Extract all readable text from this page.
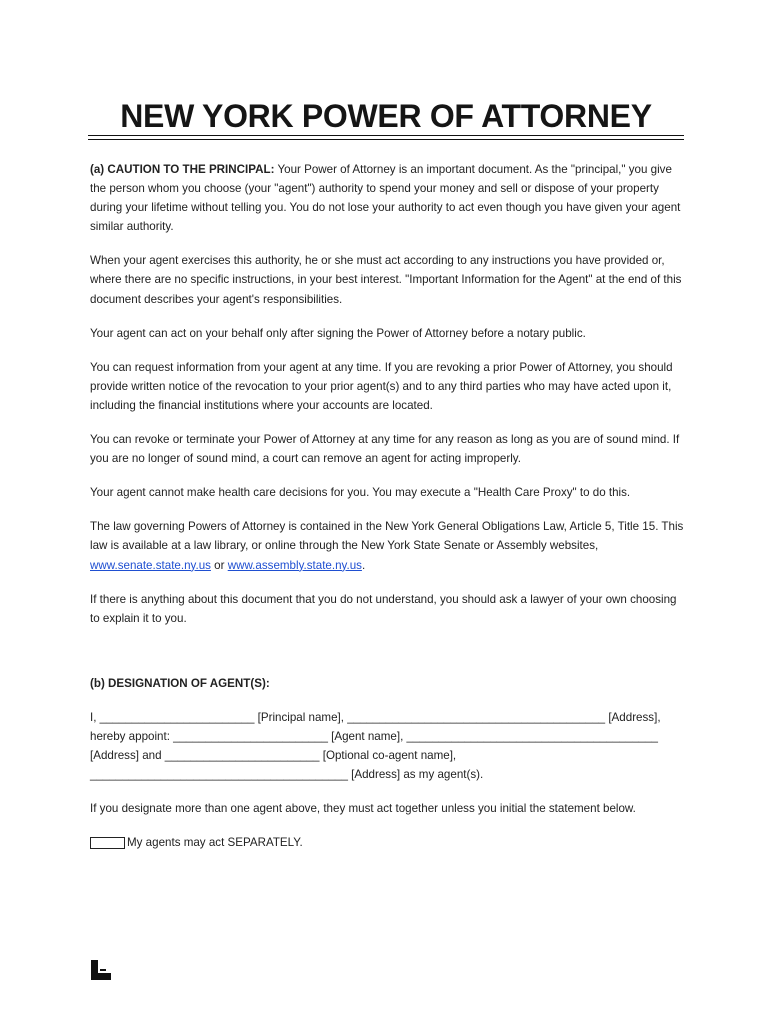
NEW YORK POWER OF ATTORNEY

(a) CAUTION TO THE PRINCIPAL: Your Power of Attorney is an important document. As the "principal," you give the person whom you choose (your "agent") authority to spend your money and sell or dispose of your property during your lifetime without telling you. You do not lose your authority to act even though you have given your agent similar authority.

When your agent exercises this authority, he or she must act according to any instructions you have provided or, where there are no specific instructions, in your best interest. "Important Information for the Agent" at the end of this document describes your agent's responsibilities.

Your agent can act on your behalf only after signing the Power of Attorney before a notary public.

You can request information from your agent at any time. If you are revoking a prior Power of Attorney, you should provide written notice of the revocation to your prior agent(s) and to any third parties who may have acted upon it, including the financial institutions where your accounts are located.

You can revoke or terminate your Power of Attorney at any time for any reason as long as you are of sound mind. If you are no longer of sound mind, a court can remove an agent for acting improperly.

Your agent cannot make health care decisions for you. You may execute a "Health Care Proxy" to do this.

The law governing Powers of Attorney is contained in the New York General Obligations Law, Article 5, Title 15. This law is available at a law library, or online through the New York State Senate or Assembly websites, www.senate.state.ny.us or www.assembly.state.ny.us.

If there is anything about this document that you do not understand, you should ask a lawyer of your own choosing to explain it to you.

(b) DESIGNATION OF AGENT(S):

I, ________________________ [Principal name], ________________________________________ [Address], hereby appoint: ________________________ [Agent name], _______________________________________ [Address] and ________________________ [Optional co-agent name], ________________________________________ [Address] as my agent(s).

If you designate more than one agent above, they must act together unless you initial the statement below.

My agents may act SEPARATELY.
